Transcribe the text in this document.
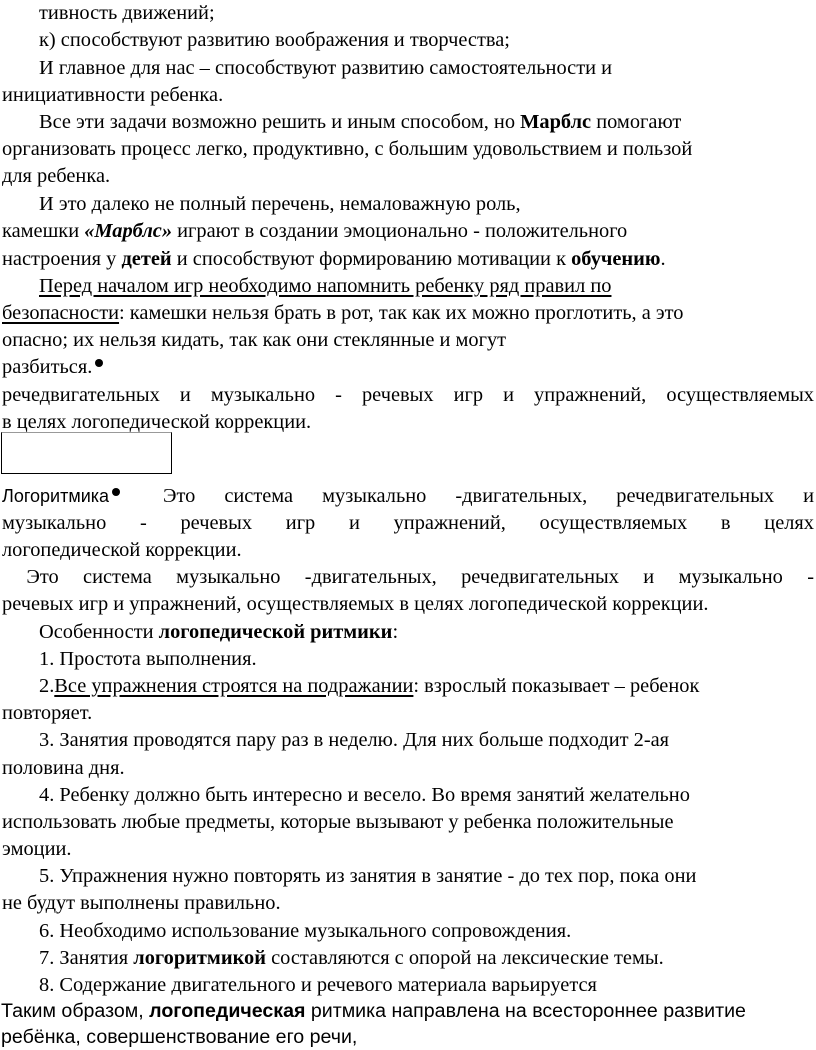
тивность движений;
к) способствуют развитию воображения и творчества;
И главное для нас – способствуют развитию самостоятельности и
инициативности ребенка.
Все эти задачи возможно решить и иным способом, но Марблс помогают
организовать процесс легко, продуктивно, с большим удовольствием и пользой
для ребенка.
И это далеко не полный перечень, немаловажную роль,
камешки «Марблс» играют в создании эмоционально - положительного
настроения у детей и способствуют формированию мотивации к обучению.
Перед началом игр необходимо напомнить ребенку ряд правил по
безопасности: камешки нельзя брать в рот, так как их можно проглотить, а это
опасно; их нельзя кидать, так как они стеклянные и могут
разбиться.
речедвигательных и музыкально - речевых игр и упражнений, осуществляемых
в целях логопедической коррекции.
Логоритмика	Это система музыкально -двигательных, речедвигательных и
музыкально - речевых игр и упражнений, осуществляемых в целях
логопедической коррекции.
Это система музыкально -двигательных, речедвигательных и музыкально -
речевых игр и упражнений, осуществляемых в целях логопедической коррекции.
Особенности логопедической ритмики:
1. Простота выполнения.
2.Все упражнения строятся на подражании: взрослый показывает – ребенок
повторяет.
3. Занятия проводятся пару раз в неделю. Для них больше подходит 2-ая
половина дня.
4. Ребенку должно быть интересно и весело. Во время занятий желательно
использовать любые предметы, которые вызывают у ребенка положительные
эмоции.
5. Упражнения нужно повторять из занятия в занятие - до тех пор, пока они
не будут выполнены правильно.
6. Необходимо использование музыкального сопровождения.
7. Занятия логоритмикой составляются с опорой на лексические темы.
8. Содержание двигательного и речевого материала варьируется
Таким образом, логопедическая ритмика направлена на всестороннее развитие
ребёнка, совершенствование его речи,
